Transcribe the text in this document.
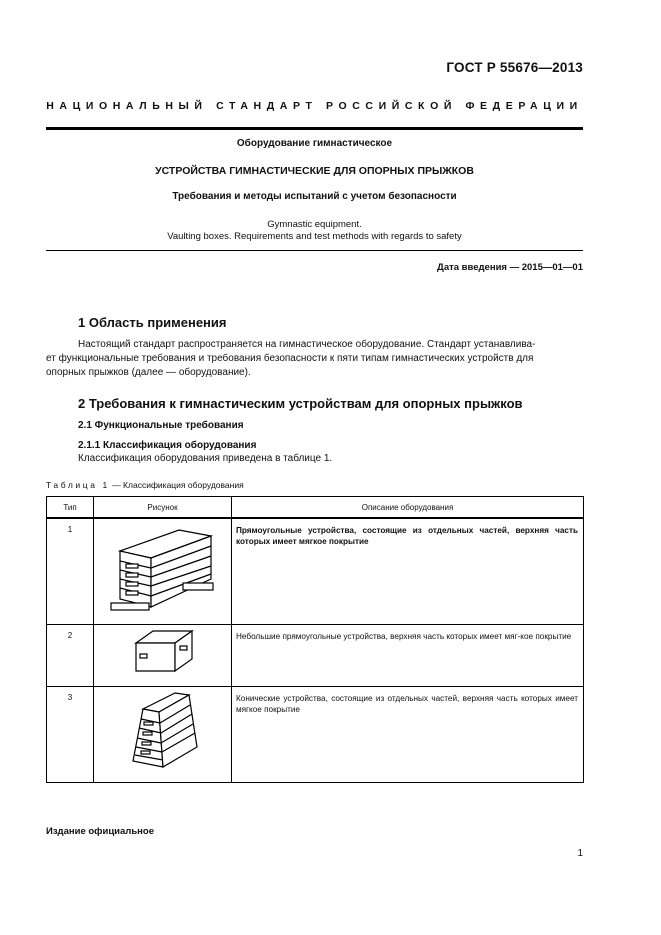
ГОСТ Р 55676—2013
НАЦИОНАЛЬНЫЙ СТАНДАРТ РОССИЙСКОЙ ФЕДЕРАЦИИ
Оборудование гимнастическое
УСТРОЙСТВА ГИМНАСТИЧЕСКИЕ ДЛЯ ОПОРНЫХ ПРЫЖКОВ
Требования и методы испытаний с учетом безопасности
Gymnastic equipment.
Vaulting boxes. Requirements and test methods with regards to safety
Дата введения — 2015—01—01
1 Область применения
Настоящий стандарт распространяется на гимнастическое оборудование. Стандарт устанавлива-
ет функциональные требования и требования безопасности к пяти типам гимнастических устройств для
опорных прыжков (далее — оборудование).
2 Требования к гимнастическим устройствам для опорных прыжков
2.1 Функциональные требования
2.1.1 Классификация оборудования
Классификация оборудования приведена в таблице 1.
Таблица 1 — Классификация оборудования
Тип	Рисунок	Описание оборудования
1		Прямоугольные устройства, состоящие из отдельных частей, верхняя часть которых имеет мягкое покрытие
2		Небольшие прямоугольные устройства, верхняя часть которых имеет мяг-кое покрытие
3		Конические устройства, состоящие из отдельных частей, верхняя часть которых имеет мягкое покрытие
Издание официальное
1
